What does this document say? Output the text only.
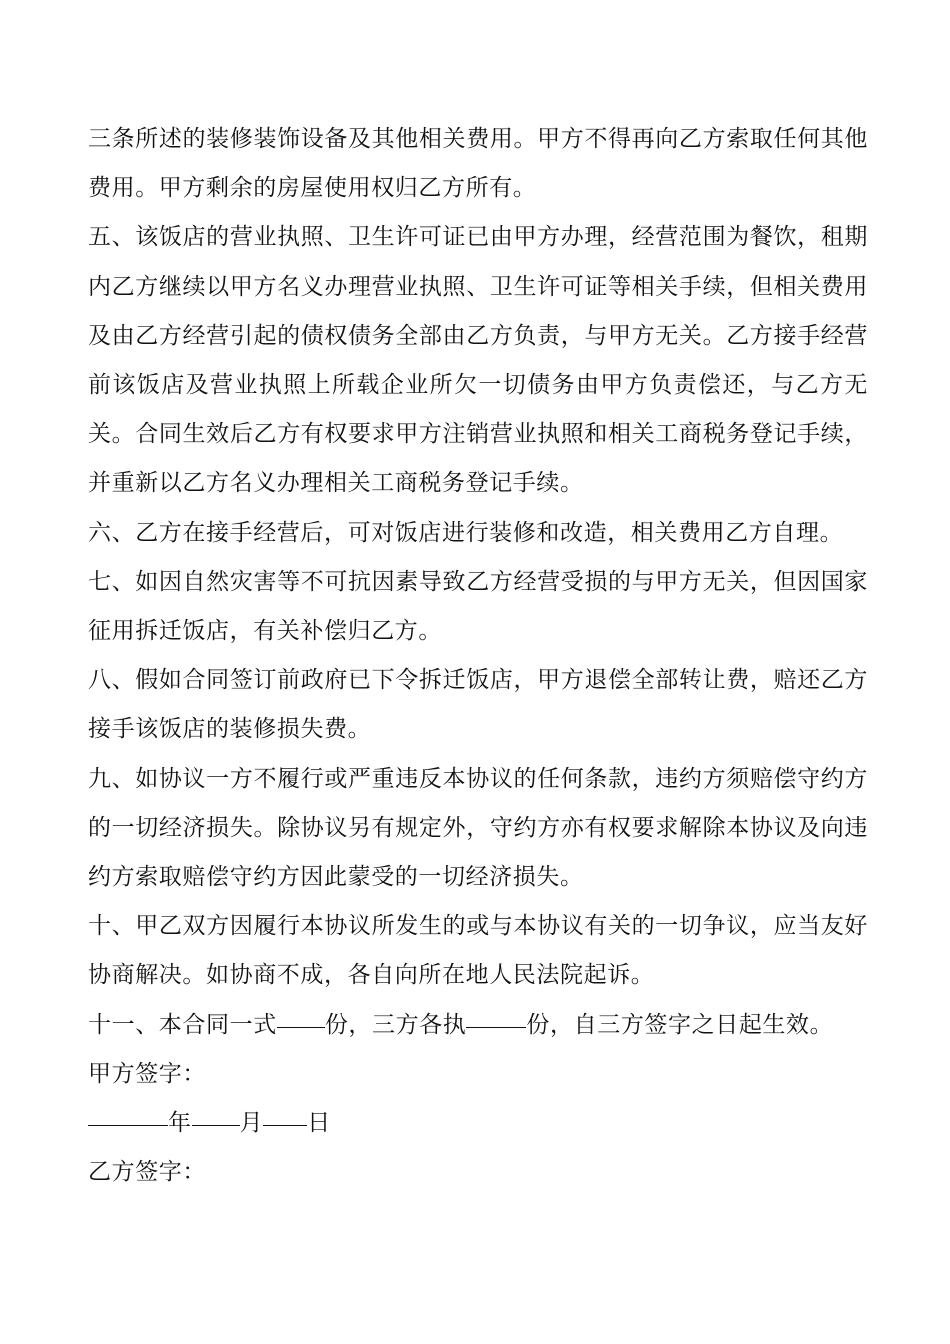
三条所述的装修装饰设备及其他相关费用。甲方不得再向乙方索取任何其他费用。甲方剩余的房屋使用权归乙方所有。

五、该饭店的营业执照、卫生许可证已由甲方办理，经营范围为餐饮，租期内乙方继续以甲方名义办理营业执照、卫生许可证等相关手续，但相关费用及由乙方经营引起的债权债务全部由乙方负责，与甲方无关。乙方接手经营前该饭店及营业执照上所载企业所欠一切债务由甲方负责偿还，与乙方无关。合同生效后乙方有权要求甲方注销营业执照和相关工商税务登记手续，并重新以乙方名义办理相关工商税务登记手续。

六、乙方在接手经营后，可对饭店进行装修和改造，相关费用乙方自理。

七、如因自然灾害等不可抗因素导致乙方经营受损的与甲方无关，但因国家征用拆迁饭店，有关补偿归乙方。

八、假如合同签订前政府已下令拆迁饭店，甲方退偿全部转让费，赔还乙方接手该饭店的装修损失费。

九、如协议一方不履行或严重违反本协议的任何条款，违约方须赔偿守约方的一切经济损失。除协议另有规定外，守约方亦有权要求解除本协议及向违约方索取赔偿守约方因此蒙受的一切经济损失。

十、甲乙双方因履行本协议所发生的或与本协议有关的一切争议，应当友好协商解决。如协商不成，各自向所在地人民法院起诉。

十一、本合同一式 份，三方各执	份，自三方签字之日起生效。

甲方签字：

年 月 日

乙方签字：
